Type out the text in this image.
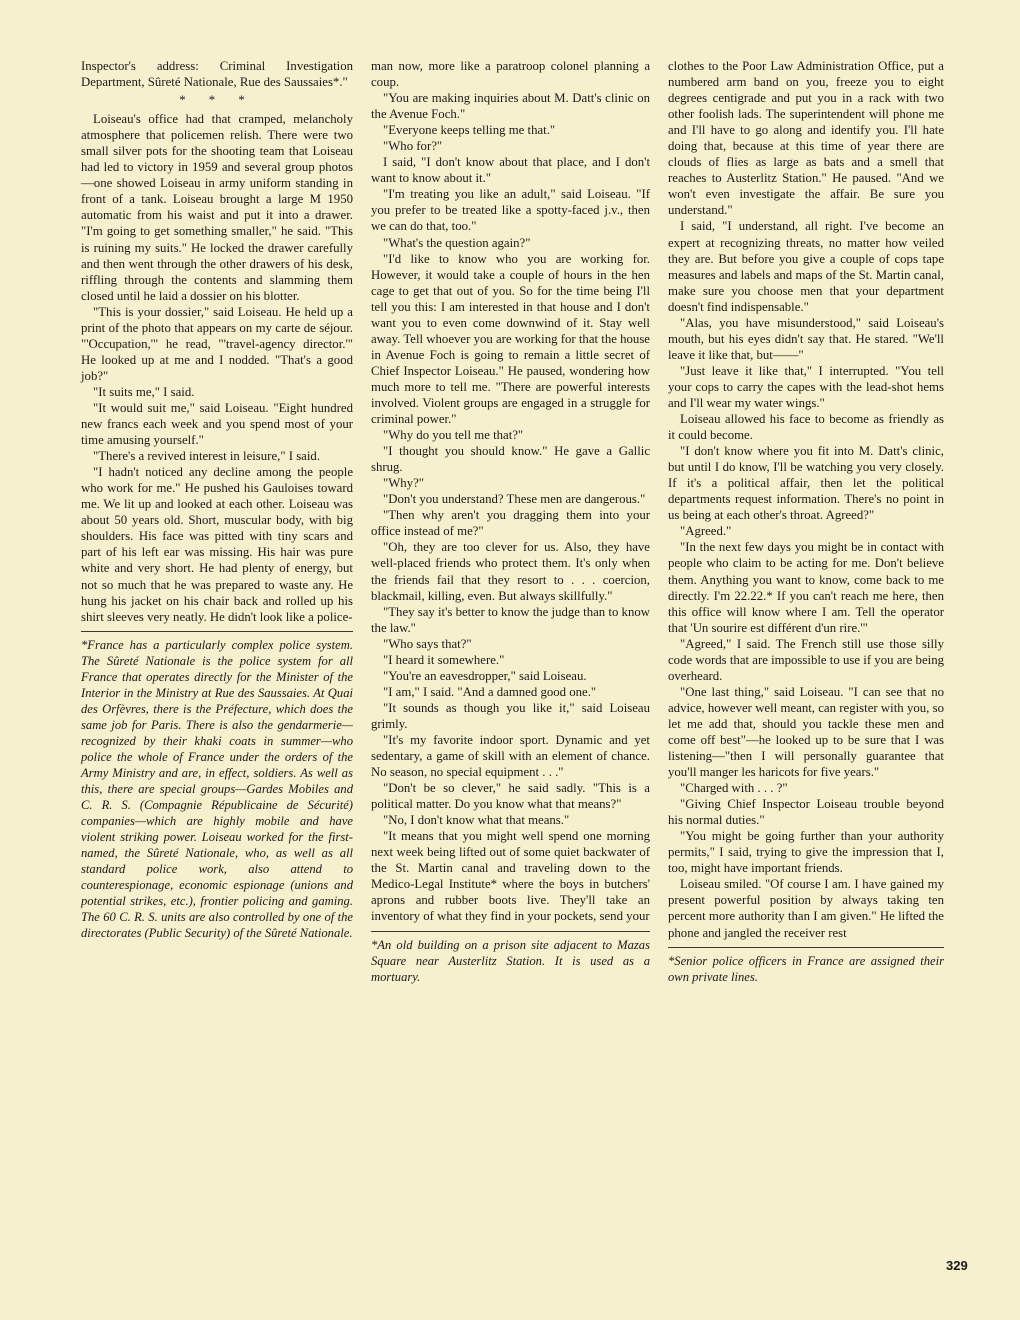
Inspector's address: Criminal Investigation Department, Sûreté Nationale, Rue des Saussaies*."

* * *

Loiseau's office had that cramped, melancholy atmosphere that policemen relish. There were two small silver pots for the shooting team that Loiseau had led to victory in 1959 and several group photos—one showed Loiseau in army uniform standing in front of a tank. Loiseau brought a large M 1950 automatic from his waist and put it into a drawer. "I'm going to get something smaller," he said. "This is ruining my suits." He locked the drawer carefully and then went through the other drawers of his desk, riffling through the contents and slamming them closed until he laid a dossier on his blotter.

"This is your dossier," said Loiseau. He held up a print of the photo that appears on my carte de séjour. "'Occupation,'" he read, "'travel-agency director.'" He looked up at me and I nodded. "That's a good job?"

"It suits me," I said.

"It would suit me," said Loiseau. "Eight hundred new francs each week and you spend most of your time amusing yourself."

"There's a revived interest in leisure," I said.

"I hadn't noticed any decline among the people who work for me." He pushed his Gauloises toward me. We lit up and looked at each other. Loiseau was about 50 years old. Short, muscular body, with big shoulders. His face was pitted with tiny scars and part of his left ear was missing. His hair was pure white and very short. He had plenty of energy, but not so much that he was prepared to waste any. He hung his jacket on his chair back and rolled up his shirt sleeves very neatly. He didn't look like a police-

*France has a particularly complex police system. The Sûreté Nationale is the police system for all France that operates directly for the Minister of the Interior in the Ministry at Rue des Saussaies. At Quai des Orfèvres, there is the Préfecture, which does the same job for Paris. There is also the gendarmerie—recognized by their khaki coats in summer—who police the whole of France under the orders of the Army Ministry and are, in effect, soldiers. As well as this, there are special groups—Gardes Mobiles and C. R. S. (Compagnie Républicaine de Sécurité) companies—which are highly mobile and have violent striking power. Loiseau worked for the first-named, the Sûreté Nationale, who, as well as all standard police work, also attend to counterespionage, economic espionage (unions and potential strikes, etc.), frontier policing and gaming. The 60 C. R. S. units are also controlled by one of the directorates (Public Security) of the Sûreté Nationale.

man now, more like a paratroop colonel planning a coup.

"You are making inquiries about M. Datt's clinic on the Avenue Foch."

"Everyone keeps telling me that."

"Who for?"

I said, "I don't know about that place, and I don't want to know about it."

"I'm treating you like an adult," said Loiseau. "If you prefer to be treated like a spotty-faced j.v., then we can do that, too."

"What's the question again?"

"I'd like to know who you are working for. However, it would take a couple of hours in the hen cage to get that out of you. So for the time being I'll tell you this: I am interested in that house and I don't want you to even come downwind of it. Stay well away. Tell whoever you are working for that the house in Avenue Foch is going to remain a little secret of Chief Inspector Loiseau." He paused, wondering how much more to tell me. "There are powerful interests involved. Violent groups are engaged in a struggle for criminal power."

"Why do you tell me that?"

"I thought you should know." He gave a Gallic shrug.

"Why?"

"Don't you understand? These men are dangerous."

"Then why aren't you dragging them into your office instead of me?"

"Oh, they are too clever for us. Also, they have well-placed friends who protect them. It's only when the friends fail that they resort to . . . coercion, blackmail, killing, even. But always skillfully."

"They say it's better to know the judge than to know the law."

"Who says that?"

"I heard it somewhere."

"You're an eavesdropper," said Loiseau.

"I am," I said. "And a damned good one."

"It sounds as though you like it," said Loiseau grimly.

"It's my favorite indoor sport. Dynamic and yet sedentary, a game of skill with an element of chance. No season, no special equipment . . ."

"Don't be so clever," he said sadly. "This is a political matter. Do you know what that means?"

"No, I don't know what that means."

"It means that you might well spend one morning next week being lifted out of some quiet backwater of the St. Martin canal and traveling down to the Medico-Legal Institute* where the boys in butchers' aprons and rubber boots live. They'll take an inventory of what they find in your pockets, send your

*An old building on a prison site adjacent to Mazas Square near Austerlitz Station. It is used as a mortuary.

clothes to the Poor Law Administration Office, put a numbered arm band on you, freeze you to eight degrees centigrade and put you in a rack with two other foolish lads. The superintendent will phone me and I'll have to go along and identify you. I'll hate doing that, because at this time of year there are clouds of flies as large as bats and a smell that reaches to Austerlitz Station." He paused. "And we won't even investigate the affair. Be sure you understand."

I said, "I understand, all right. I've become an expert at recognizing threats, no matter how veiled they are. But before you give a couple of cops tape measures and labels and maps of the St. Martin canal, make sure you choose men that your department doesn't find indispensable."

"Alas, you have misunderstood," said Loiseau's mouth, but his eyes didn't say that. He stared. "We'll leave it like that, but——"

"Just leave it like that," I interrupted. "You tell your cops to carry the capes with the lead-shot hems and I'll wear my water wings."

Loiseau allowed his face to become as friendly as it could become.

"I don't know where you fit into M. Datt's clinic, but until I do know, I'll be watching you very closely. If it's a political affair, then let the political departments request information. There's no point in us being at each other's throat. Agreed?"

"Agreed."

"In the next few days you might be in contact with people who claim to be acting for me. Don't believe them. Anything you want to know, come back to me directly. I'm 22.22.* If you can't reach me here, then this office will know where I am. Tell the operator that 'Un sourire est différent d'un rire.'"

"Agreed," I said. The French still use those silly code words that are impossible to use if you are being overheard.

"One last thing," said Loiseau. "I can see that no advice, however well meant, can register with you, so let me add that, should you tackle these men and come off best"—he looked up to be sure that I was listening—"then I will personally guarantee that you'll manger les haricots for five years."

"Charged with . . . ?"

"Giving Chief Inspector Loiseau trouble beyond his normal duties."

"You might be going further than your authority permits," I said, trying to give the impression that I, too, might have important friends.

Loiseau smiled. "Of course I am. I have gained my present powerful position by always taking ten percent more authority than I am given." He lifted the phone and jangled the receiver rest

*Senior police officers in France are assigned their own private lines.

329
